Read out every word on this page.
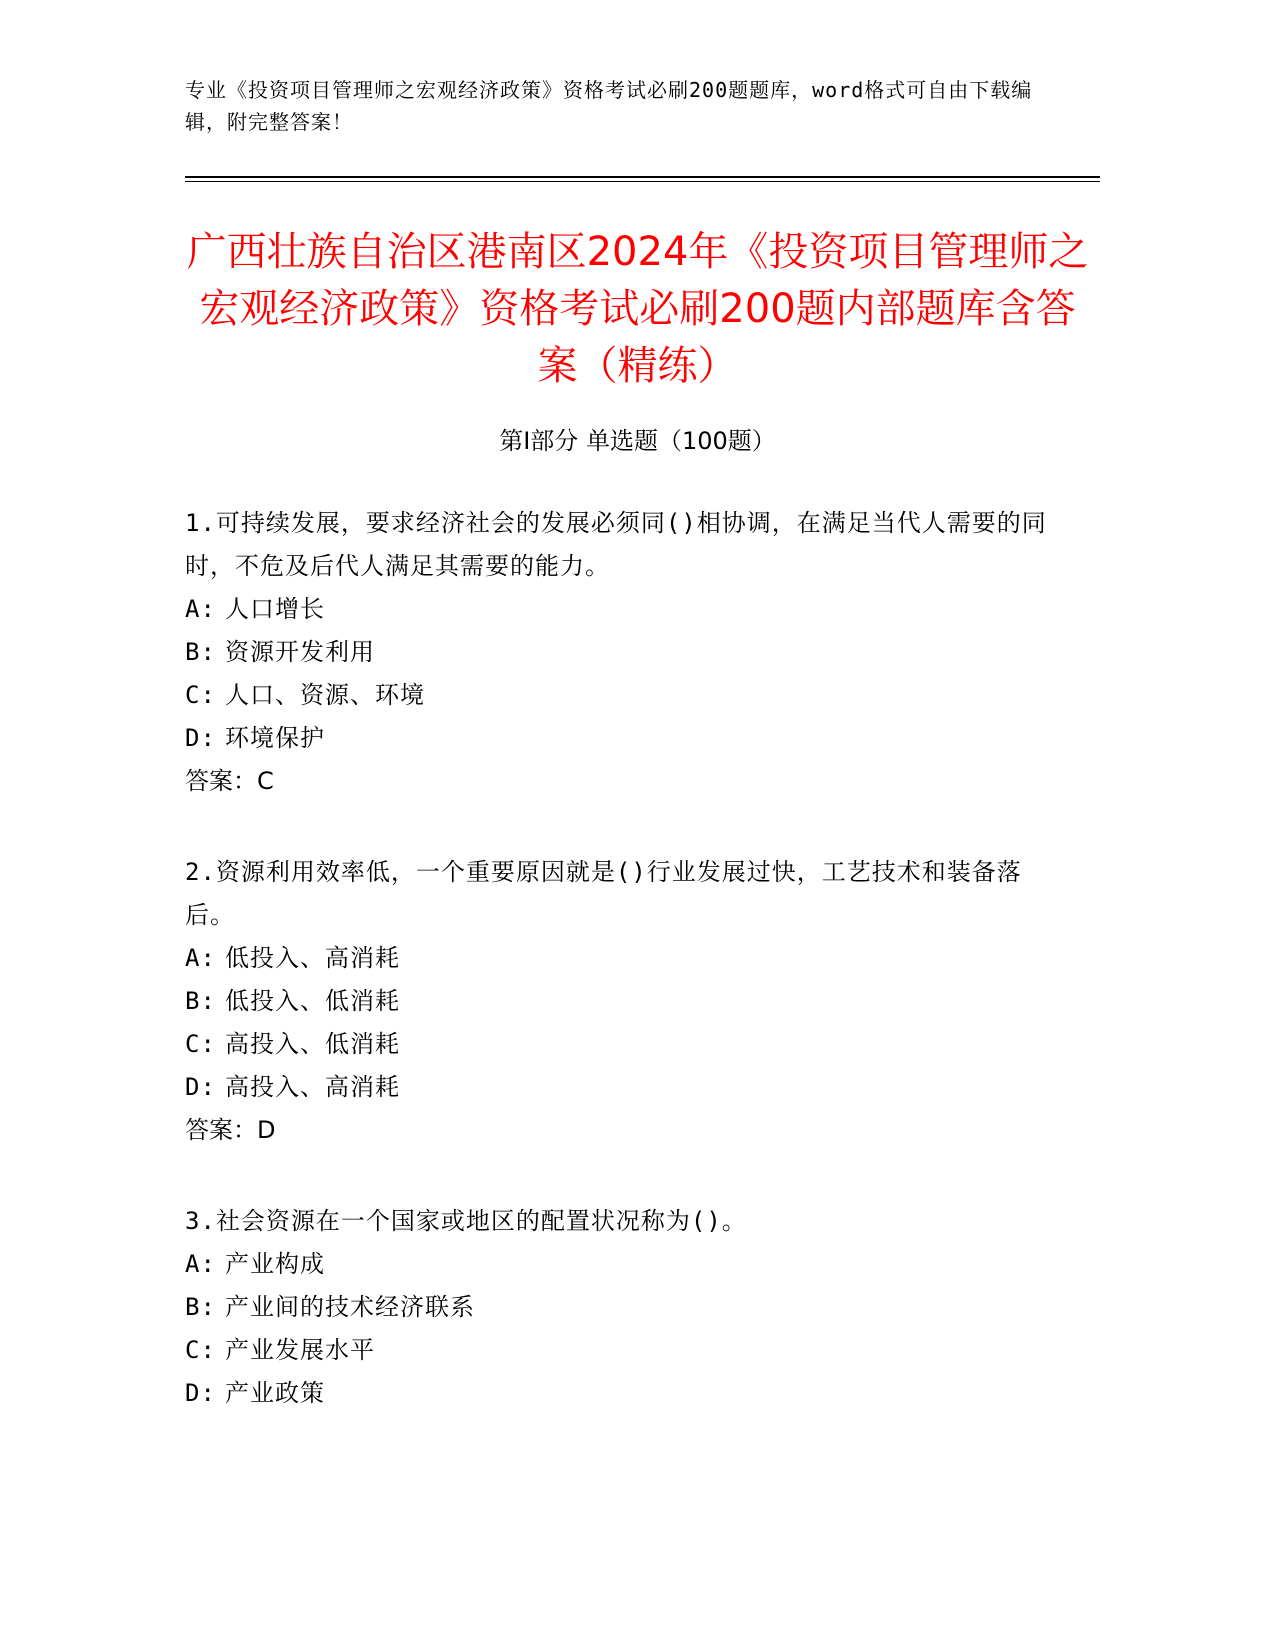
专业《投资项目管理师之宏观经济政策》资格考试必刷200题题库，word格式可自由下载编辑，附完整答案！
广西壮族自治区港南区2024年《投资项目管理师之宏观经济政策》资格考试必刷200题内部题库含答案（精练）
第Ⅰ部分 单选题（100题）

1.可持续发展，要求经济社会的发展必须同()相协调，在满足当代人需要的同时，不危及后代人满足其需要的能力。

A: 人口增长

B: 资源开发利用

C: 人口、资源、环境

D: 环境保护

答案：C

2.资源利用效率低，一个重要原因就是()行业发展过快，工艺技术和装备落后。

A: 低投入、高消耗

B: 低投入、低消耗

C: 高投入、低消耗

D: 高投入、高消耗

答案：D

3.社会资源在一个国家或地区的配置状况称为()。

A: 产业构成

B: 产业间的技术经济联系

C: 产业发展水平

D: 产业政策
